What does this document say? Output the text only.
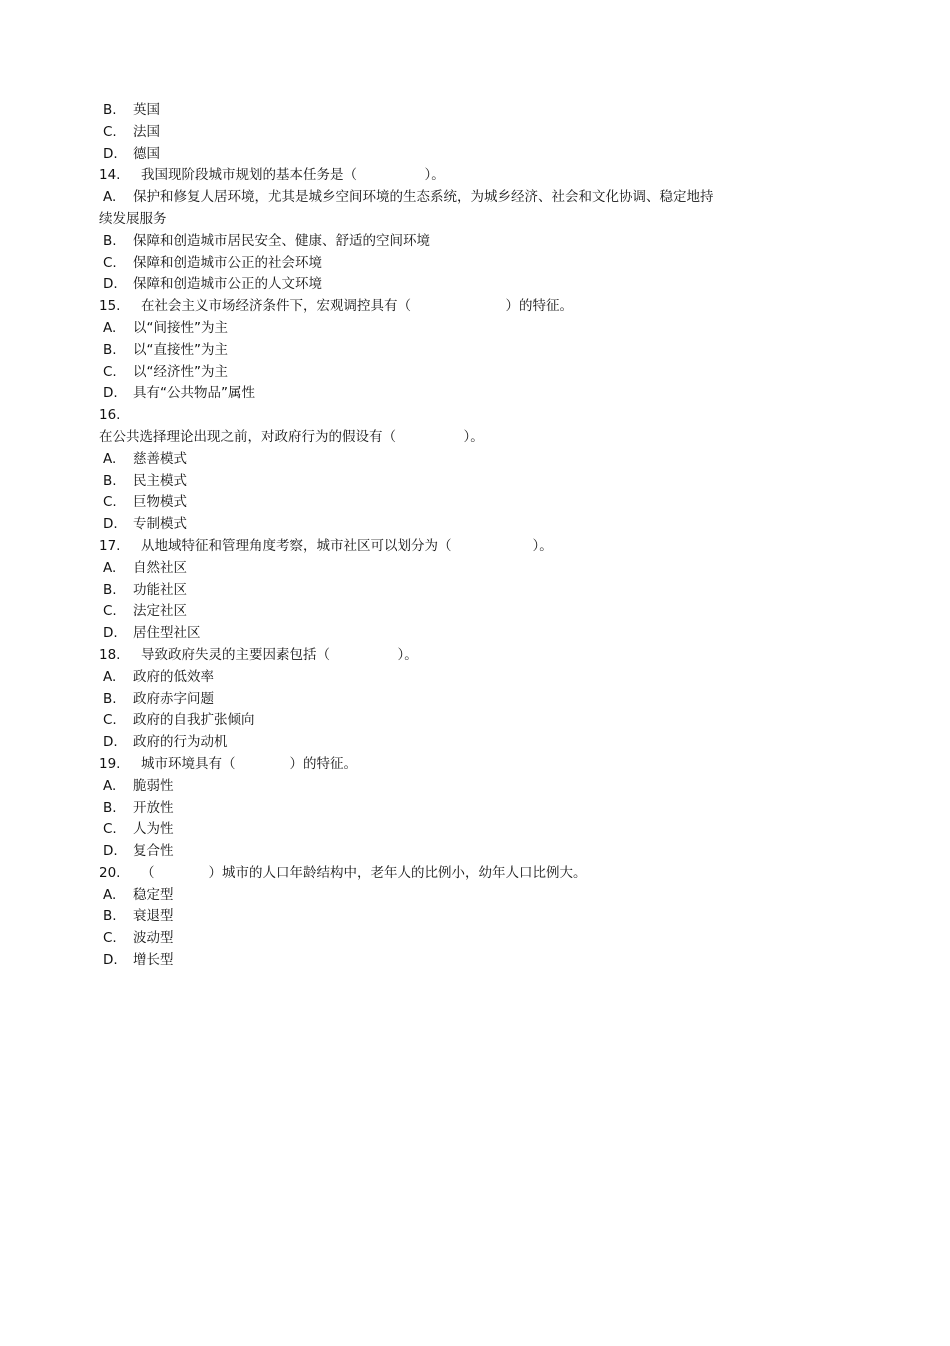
B. 英国
C. 法国
D. 德国
14. 我国现阶段城市规划的基本任务是（　　　　　）。
A. 保护和修复人居环境，尤其是城乡空间环境的生态系统，为城乡经济、社会和文化协调、稳定地持
续发展服务
B. 保障和创造城市居民安全、健康、舒适的空间环境
C. 保障和创造城市公正的社会环境
D. 保障和创造城市公正的人文环境
15. 在社会主义市场经济条件下，宏观调控具有（　　　　　　　）的特征。
A. 以“间接性”为主
B. 以“直接性”为主
C. 以“经济性”为主
D. 具有“公共物品”属性
16.
在公共选择理论出现之前，对政府行为的假设有（　　　　　）。
A. 慈善模式
B. 民主模式
C. 巨物模式
D. 专制模式
17. 从地域特征和管理角度考察，城市社区可以划分为（　　　　　　）。
A. 自然社区
B. 功能社区
C. 法定社区
D. 居住型社区
18. 导致政府失灵的主要因素包括（　　　　　）。
A. 政府的低效率
B. 政府赤字问题
C. 政府的自我扩张倾向
D. 政府的行为动机
19. 城市环境具有（　　　　）的特征。
A. 脆弱性
B. 开放性
C. 人为性
D. 复合性
20. （　　　　）城市的人口年龄结构中，老年人的比例小，幼年人口比例大。
A. 稳定型
B. 衰退型
C. 波动型
D. 增长型
